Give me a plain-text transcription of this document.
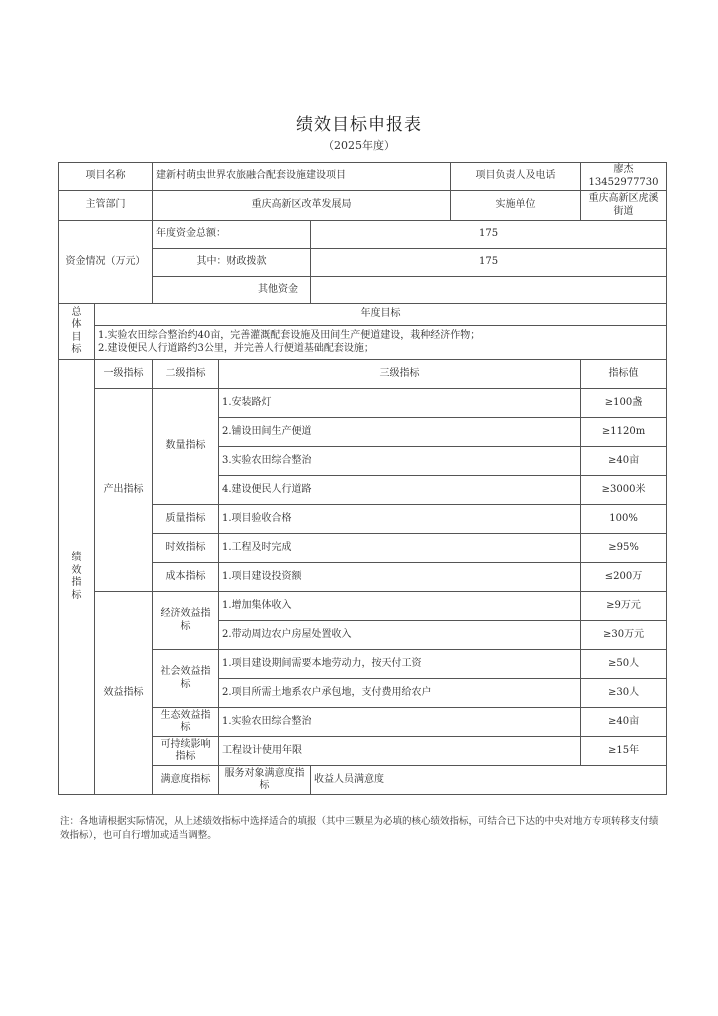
绩效目标申报表
（2025年度）
项目名称		建新村萌虫世界农旅融合配套设施建设项目			项目负责人及电话	廖杰13452977730	
主管部门		重庆高新区改革发展局			实施单位	重庆高新区虎溪街道	
资金情况（万元）		年度资金总额：		175			
		其中：财政拨款		175			
		其他资金					
总体目标	年度目标						

	1.实验农田综合整治约40亩，完善灌溉配套设施及田间生产便道建设，栽种经济作物；
2.建设便民人行道路约3公里，并完善人行便道基础配套设施；						

绩效指标	一级指标	二级指标	三级指标			指标值	
	产出指标	数量指标	1.安装路灯			≥100盏	
			2.铺设田间生产便道			≥1120m	
			3.实验农田综合整治			≥40亩	
			4.建设便民人行道路			≥3000米	
		质量指标	1.项目验收合格			100%	
		时效指标	1.工程及时完成			≥95%	
		成本指标	1.项目建设投资额			≤200万	
	效益指标	经济效益指标	1.增加集体收入			≥9万元	
			2.带动周边农户房屋处置收入			≥30万元	
		社会效益指标	1.项目建设期间需要本地劳动力，按天付工资			≥50人	
			2.项目所需土地系农户承包地，支付费用给农户			≥30人	
		生态效益指标	1.实验农田综合整治			≥40亩	
		可持续影响指标	工程设计使用年限			≥15年	
		满意度指标	服务对象满意度指标	收益人员满意度	
注：各地请根据实际情况，从上述绩效指标中选择适合的填报（其中三颗星为必填的核心绩效指标，可结合已下达的中央对地方专项转移支付绩效指标），也可自行增加或适当调整。
